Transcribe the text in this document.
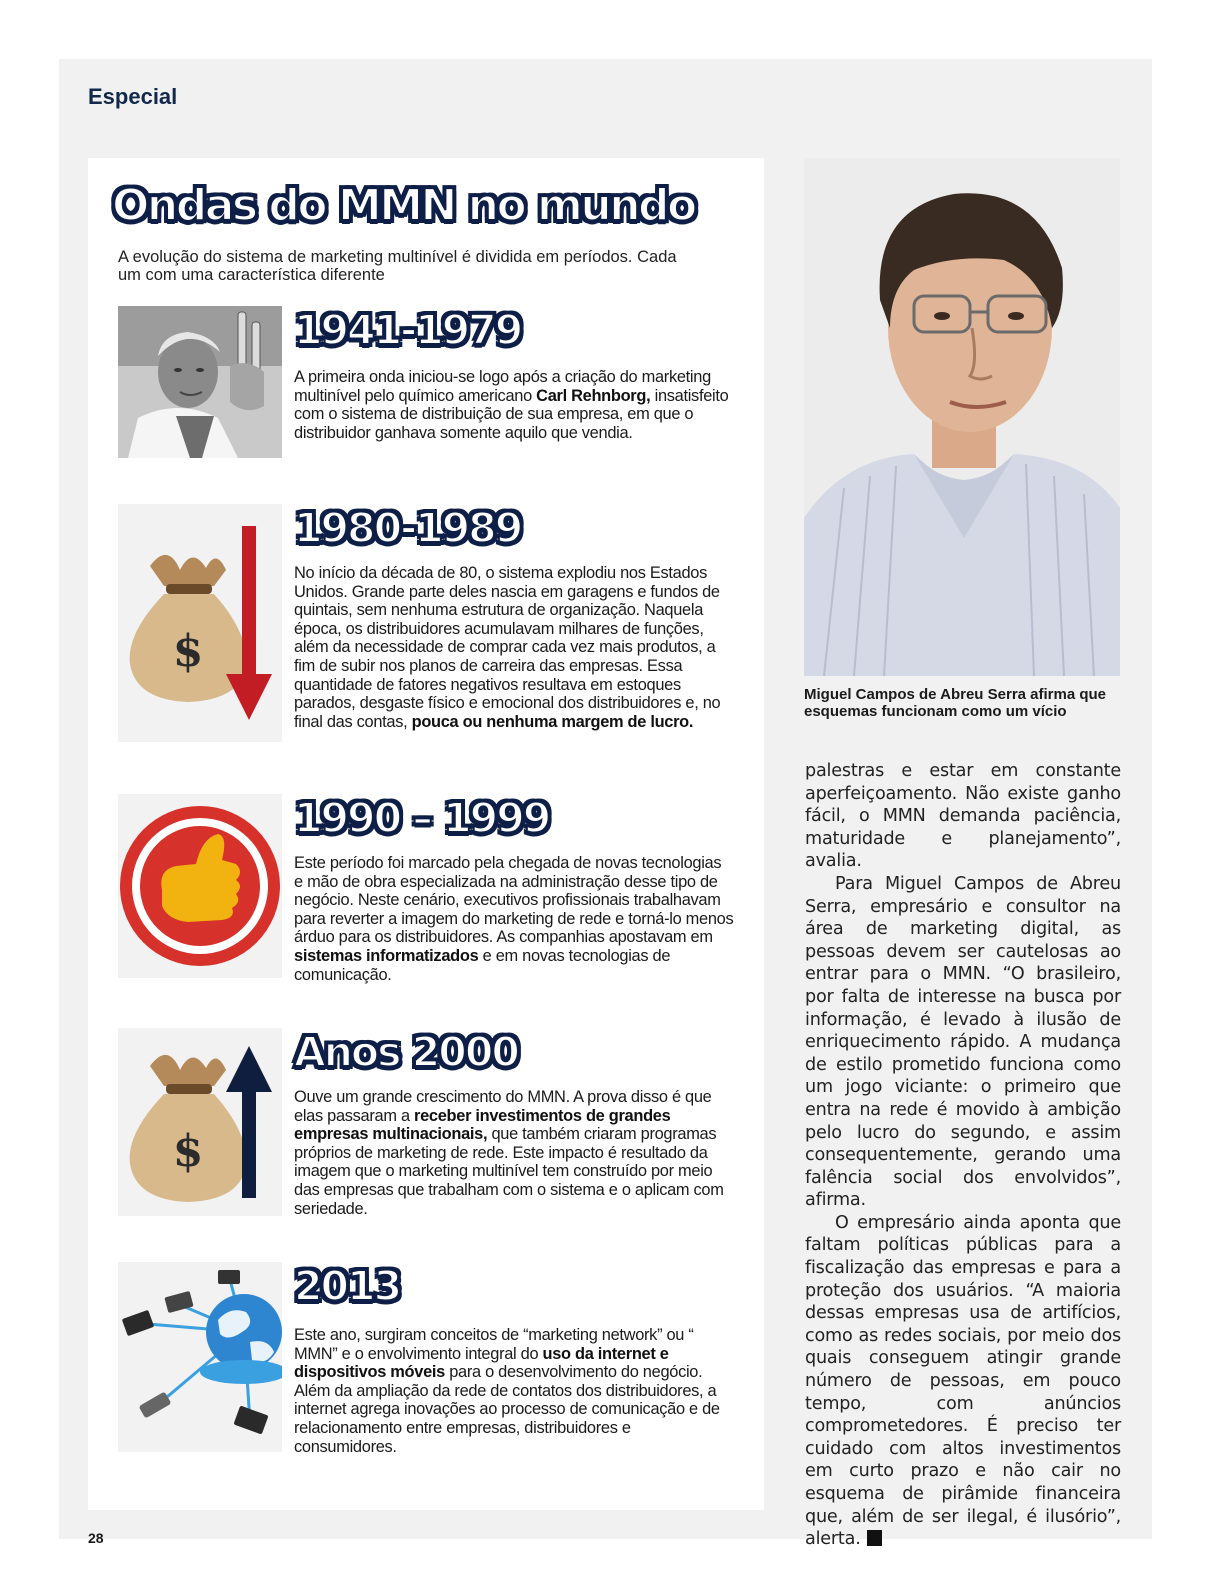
Especial
Ondas do MMN no mundo
A evolução do sistema de marketing multinível é dividida em períodos. Cada um com uma característica diferente
1941-1979
A primeira onda iniciou-se logo após a criação do marketing multinível pelo químico americano Carl Rehnborg, insatisfeito com o sistema de distribuição de sua empresa, em que o distribuidor ganhava somente aquilo que vendia.
$
1980-1989
No início da década de 80, o sistema explodiu nos Estados Unidos. Grande parte deles nascia em garagens e fundos de quintais, sem nenhuma estrutura de organização. Naquela época, os distribuidores acumulavam milhares de funções, além da necessidade de comprar cada vez mais produtos, a fim de subir nos planos de carreira das empresas. Essa quantidade de fatores negativos resultava em estoques parados, desgaste físico e emocional dos distribuidores e, no final das contas, pouca ou nenhuma margem de lucro.
1990 – 1999
Este período foi marcado pela chegada de novas tecnologias e mão de obra especializada na administração desse tipo de negócio. Neste cenário, executivos profissionais trabalhavam para reverter a imagem do marketing de rede e torná-lo menos árduo para os distribuidores. As companhias apostavam em sistemas informatizados e em novas tecnologias de comunicação.
$
Anos 2000
Ouve um grande crescimento do MMN. A prova disso é que elas passaram a receber investimentos de grandes empresas multinacionais, que também criaram programas próprios de marketing de rede. Este impacto é resultado da imagem que o marketing multinível tem construído por meio das empresas que trabalham com o sistema e o aplicam com seriedade.
2013
Este ano, surgiram conceitos de “marketing network” ou “ MMN” e o envolvimento integral do uso da internet e dispositivos móveis para o desenvolvimento do negócio. Além da ampliação da rede de contatos dos distribuidores, a internet agrega inovações ao processo de comunicação e de relacionamento entre empresas, distribuidores e consumidores.
Miguel Campos de Abreu Serra afirma que esquemas funcionam como um vício

palestras e estar em constante aperfeiçoamento. Não existe ganho fácil, o MMN demanda paciência, maturidade e planejamento”, avalia.

Para Miguel Campos de Abreu Serra, empresário e consultor na área de marketing digital, as pessoas devem ser cautelosas ao entrar para o MMN. “O brasileiro, por falta de interesse na busca por informação, é levado à ilusão de enriquecimento rápido. A mudança de estilo prometido funciona como um jogo viciante: o primeiro que entra na rede é movido à ambição pelo lucro do segundo, e assim consequentemente, gerando uma falência social dos envolvidos”, afirma.

O empresário ainda aponta que faltam políticas públicas para a fiscalização das empresas e para a proteção dos usuários. “A maioria dessas empresas usa de artifícios, como as redes sociais, por meio dos quais conseguem atingir grande número de pessoas, em pouco tempo, com anúncios comprometedores. É preciso ter cuidado com altos investimentos em curto prazo e não cair no esquema de pirâmide financeira que, além de ser ilegal, é ilusório”, alerta.

28
